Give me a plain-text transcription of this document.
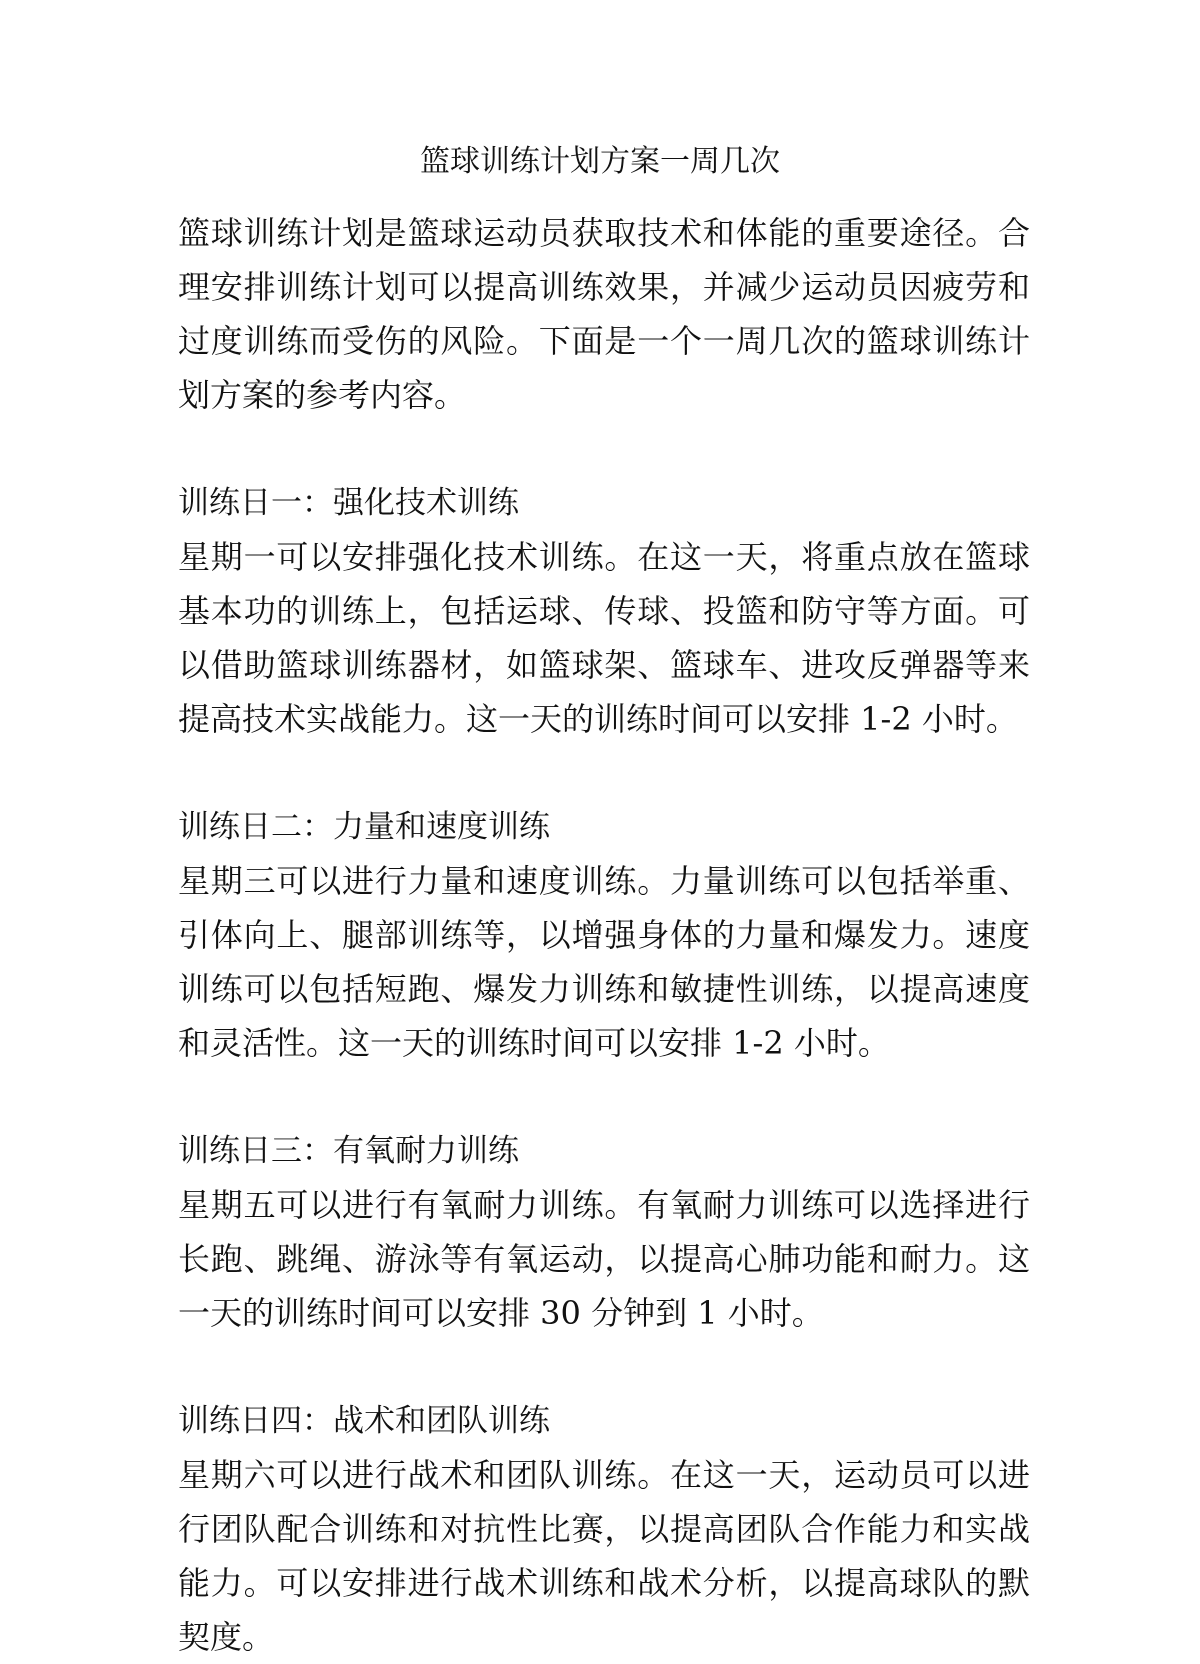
篮球训练计划方案一周几次

篮球训练计划是篮球运动员获取技术和体能的重要途径。合理安排训练计划可以提高训练效果，并减少运动员因疲劳和过度训练而受伤的风险。下面是一个一周几次的篮球训练计划方案的参考内容。

训练日一：强化技术训练

星期一可以安排强化技术训练。在这一天，将重点放在篮球基本功的训练上，包括运球、传球、投篮和防守等方面。可以借助篮球训练器材，如篮球架、篮球车、进攻反弹器等来提高技术实战能力。这一天的训练时间可以安排 1-2 小时。

训练日二：力量和速度训练

星期三可以进行力量和速度训练。力量训练可以包括举重、引体向上、腿部训练等，以增强身体的力量和爆发力。速度训练可以包括短跑、爆发力训练和敏捷性训练，以提高速度和灵活性。这一天的训练时间可以安排 1-2 小时。

训练日三：有氧耐力训练

星期五可以进行有氧耐力训练。有氧耐力训练可以选择进行长跑、跳绳、游泳等有氧运动，以提高心肺功能和耐力。这一天的训练时间可以安排 30 分钟到 1 小时。

训练日四：战术和团队训练

星期六可以进行战术和团队训练。在这一天，运动员可以进行团队配合训练和对抗性比赛，以提高团队合作能力和实战能力。可以安排进行战术训练和战术分析，以提高球队的默契度。
